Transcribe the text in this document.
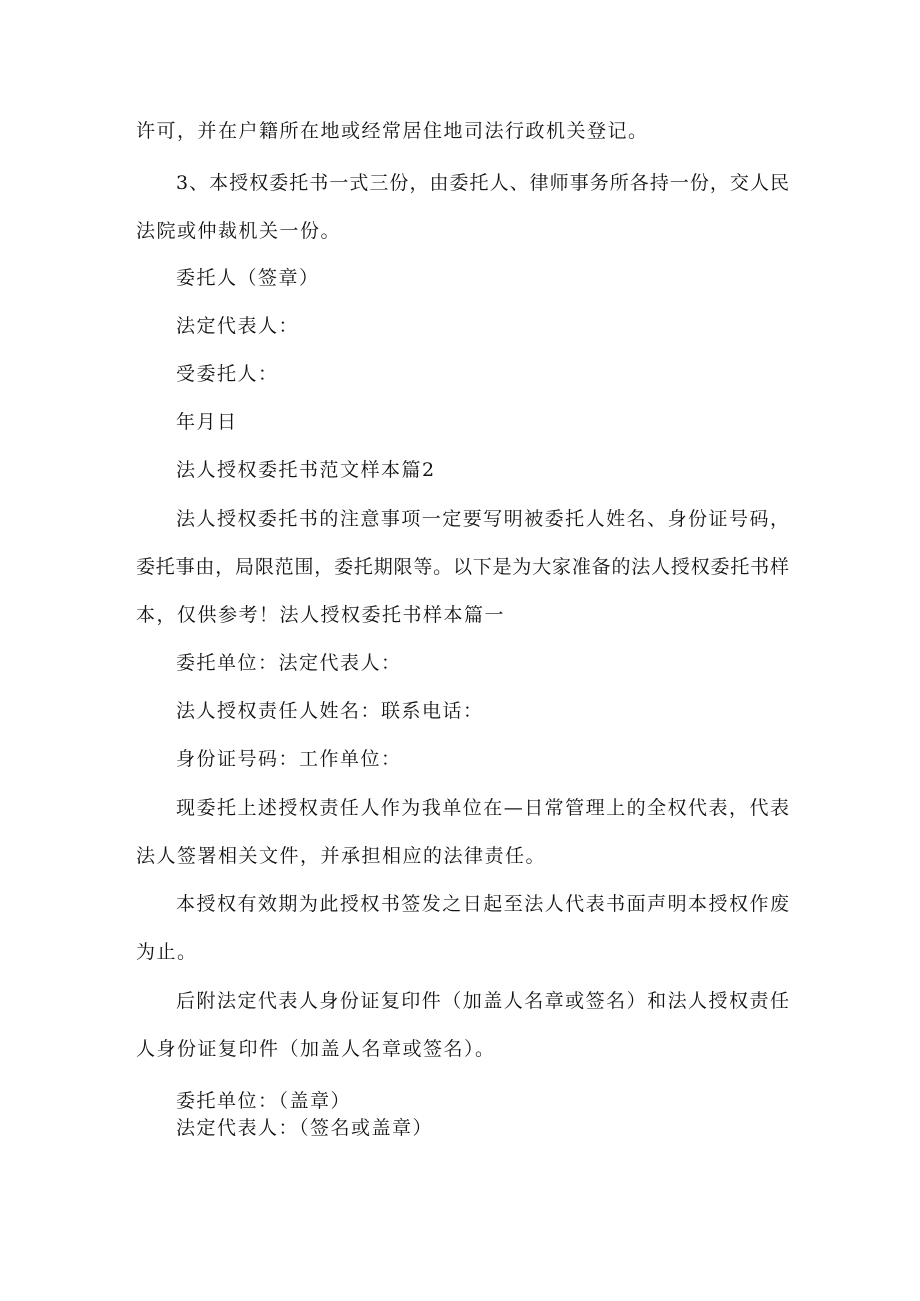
许可，并在户籍所在地或经常居住地司法行政机关登记。
3、本授权委托书一式三份，由委托人、律师事务所各持一份，交人民
法院或仲裁机关一份。
委托人（签章）
法定代表人：
受委托人：
年月日
法人授权委托书范文样本篇2
法人授权委托书的注意事项一定要写明被委托人姓名、身份证号码，
委托事由，局限范围，委托期限等。以下是为大家准备的法人授权委托书样
本，仅供参考！法人授权委托书样本篇一
委托单位：法定代表人：
法人授权责任人姓名：联系电话：
身份证号码：工作单位：
现委托上述授权责任人作为我单位在—日常管理上的全权代表，代表
法人签署相关文件，并承担相应的法律责任。
本授权有效期为此授权书签发之日起至法人代表书面声明本授权作废
为止。
后附法定代表人身份证复印件（加盖人名章或签名）和法人授权责任
人身份证复印件（加盖人名章或签名）。
委托单位：（盖章）
法定代表人：（签名或盖章）
